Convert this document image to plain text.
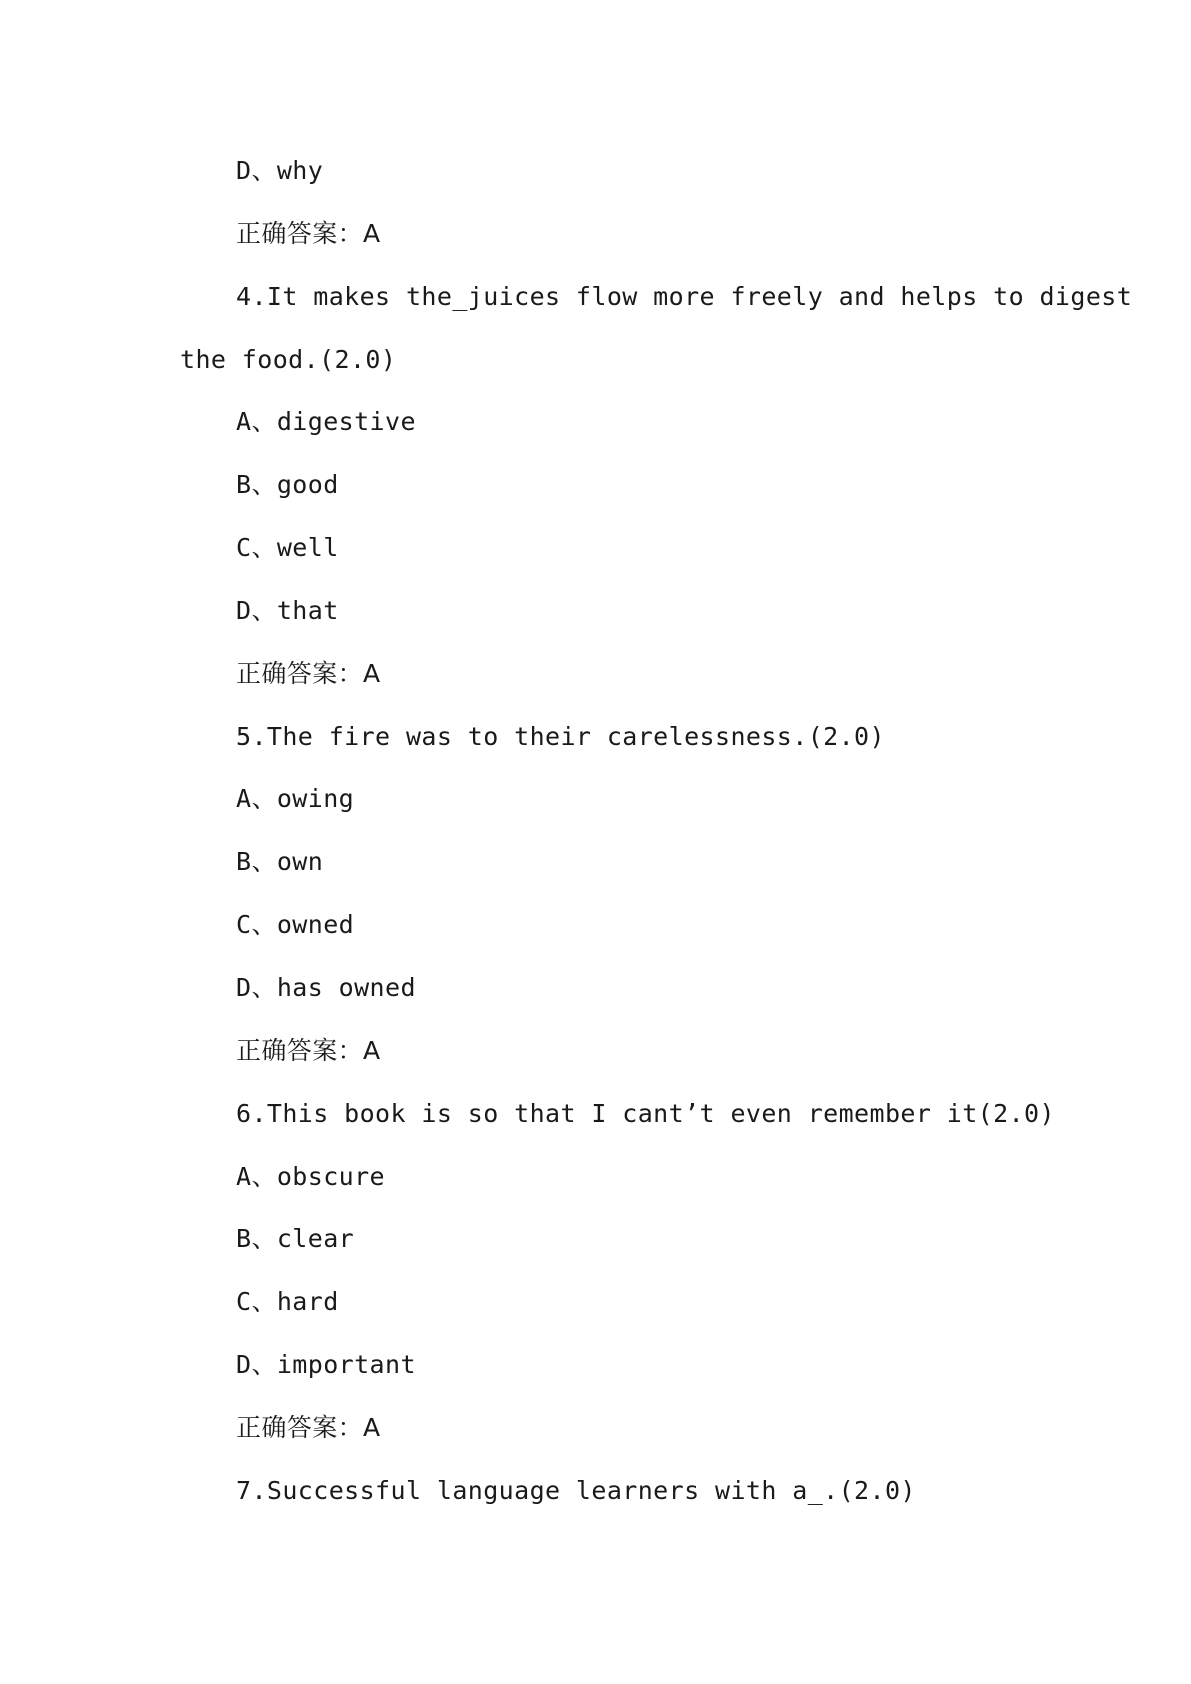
D、why
正确答案：A
4.It makes the_juices flow more freely and helps to digest
the food.(2.0)
A、digestive
B、good
C、well
D、that
正确答案：A
5.The fire was to their carelessness.(2.0)
A、owing
B、own
C、owned
D、has owned
正确答案：A
6.This book is so that I cant’t even remember it(2.0)
A、obscure
B、clear
C、hard
D、important
正确答案：A
7.Successful language learners with a_.(2.0)
